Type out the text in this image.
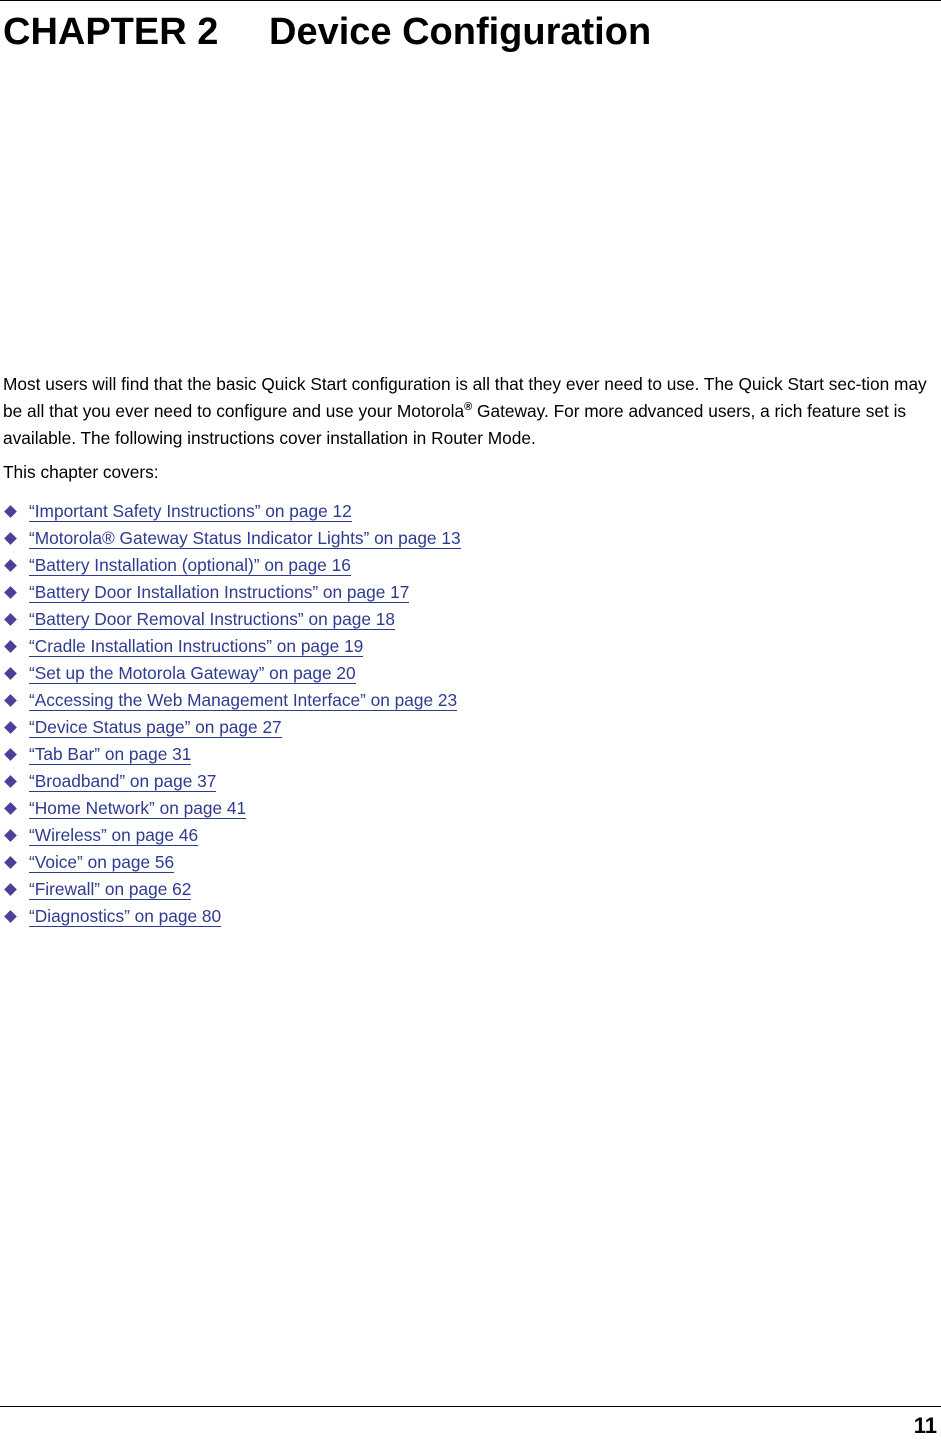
CHAPTER 2 Device Configuration

Most users will find that the basic Quick Start configuration is all that they ever need to use. The Quick Start sec-tion may be all that you ever need to configure and use your Motorola® Gateway. For more advanced users, a rich feature set is available. The following instructions cover installation in Router Mode.

This chapter covers:

“Important Safety Instructions” on page 12
“Motorola® Gateway Status Indicator Lights” on page 13
“Battery Installation (optional)” on page 16
“Battery Door Installation Instructions” on page 17
“Battery Door Removal Instructions” on page 18
“Cradle Installation Instructions” on page 19
“Set up the Motorola Gateway” on page 20
“Accessing the Web Management Interface” on page 23
“Device Status page” on page 27
“Tab Bar” on page 31
“Broadband” on page 37
“Home Network” on page 41
“Wireless” on page 46
“Voice” on page 56
“Firewall” on page 62
“Diagnostics” on page 80
11
